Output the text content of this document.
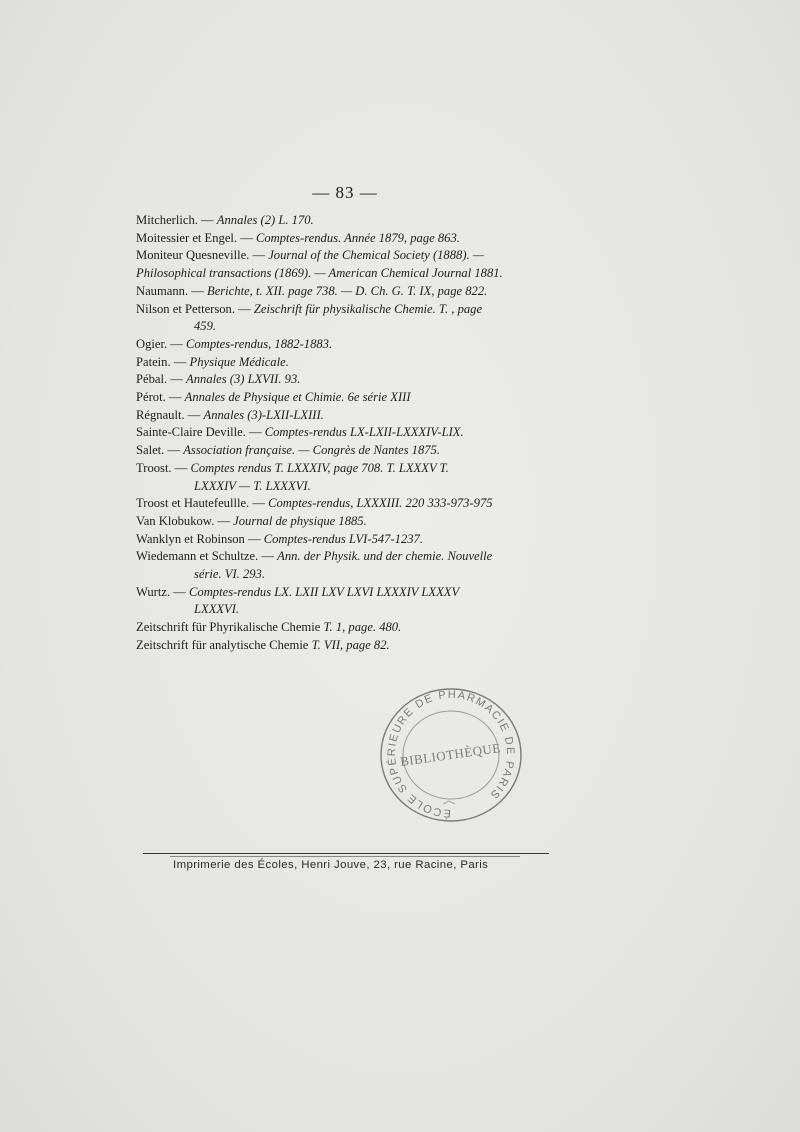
— 83 —

Mitcherlich. — Annales (2) L. 170.

Moitessier et Engel. — Comptes-rendus. Année 1879, page 863.

Moniteur Quesneville. — Journal of the Chemical Society (1888). —

Philosophical transactions (1869). — American Chemical Journal 1881.

Naumann. — Berichte, t. XII. page 738. — D. Ch. G. T. IX, page 822.

Nilson et Petterson. — Zeischrift für physikalische Chemie. T. , page
459.

Ogier. — Comptes-rendus, 1882-1883.

Patein. — Physique Médicale.

Pébal. — Annales (3) LXVII. 93.

Pérot. — Annales de Physique et Chimie. 6e série XIII

Régnault. — Annales (3)-LXII-LXIII.

Sainte-Claire Deville. — Comptes-rendus LX-LXII-LXXXIV-LIX.

Salet. — Association française. — Congrès de Nantes 1875.

Troost. — Comptes rendus T. LXXXIV, page 708. T. LXXXV T.
LXXXIV — T. LXXXVI.

Troost et Hautefeullle. — Comptes-rendus, LXXXIII. 220 333-973-975

Van Klobukow. — Journal de physique 1885.

Wanklyn et Robinson — Comptes-rendus LVI-547-1237.

Wiedemann et Schultze. — Ann. der Physik. und der chemie. Nouvelle
série. VI. 293.

Wurtz. — Comptes-rendus LX. LXII LXV LXVI LXXXIV LXXXV
LXXXVI.

Zeitschrift für Phyrikalische Chemie T. 1, page. 480.

Zeitschrift für analytische Chemie T. VII, page 82.

ÉCOLE SUPÉRIEURE DE PHARMACIE DE PARIS
BIBLIOTHÈQUE
Imprimerie des Écoles, Henri Jouve, 23, rue Racine, Paris
